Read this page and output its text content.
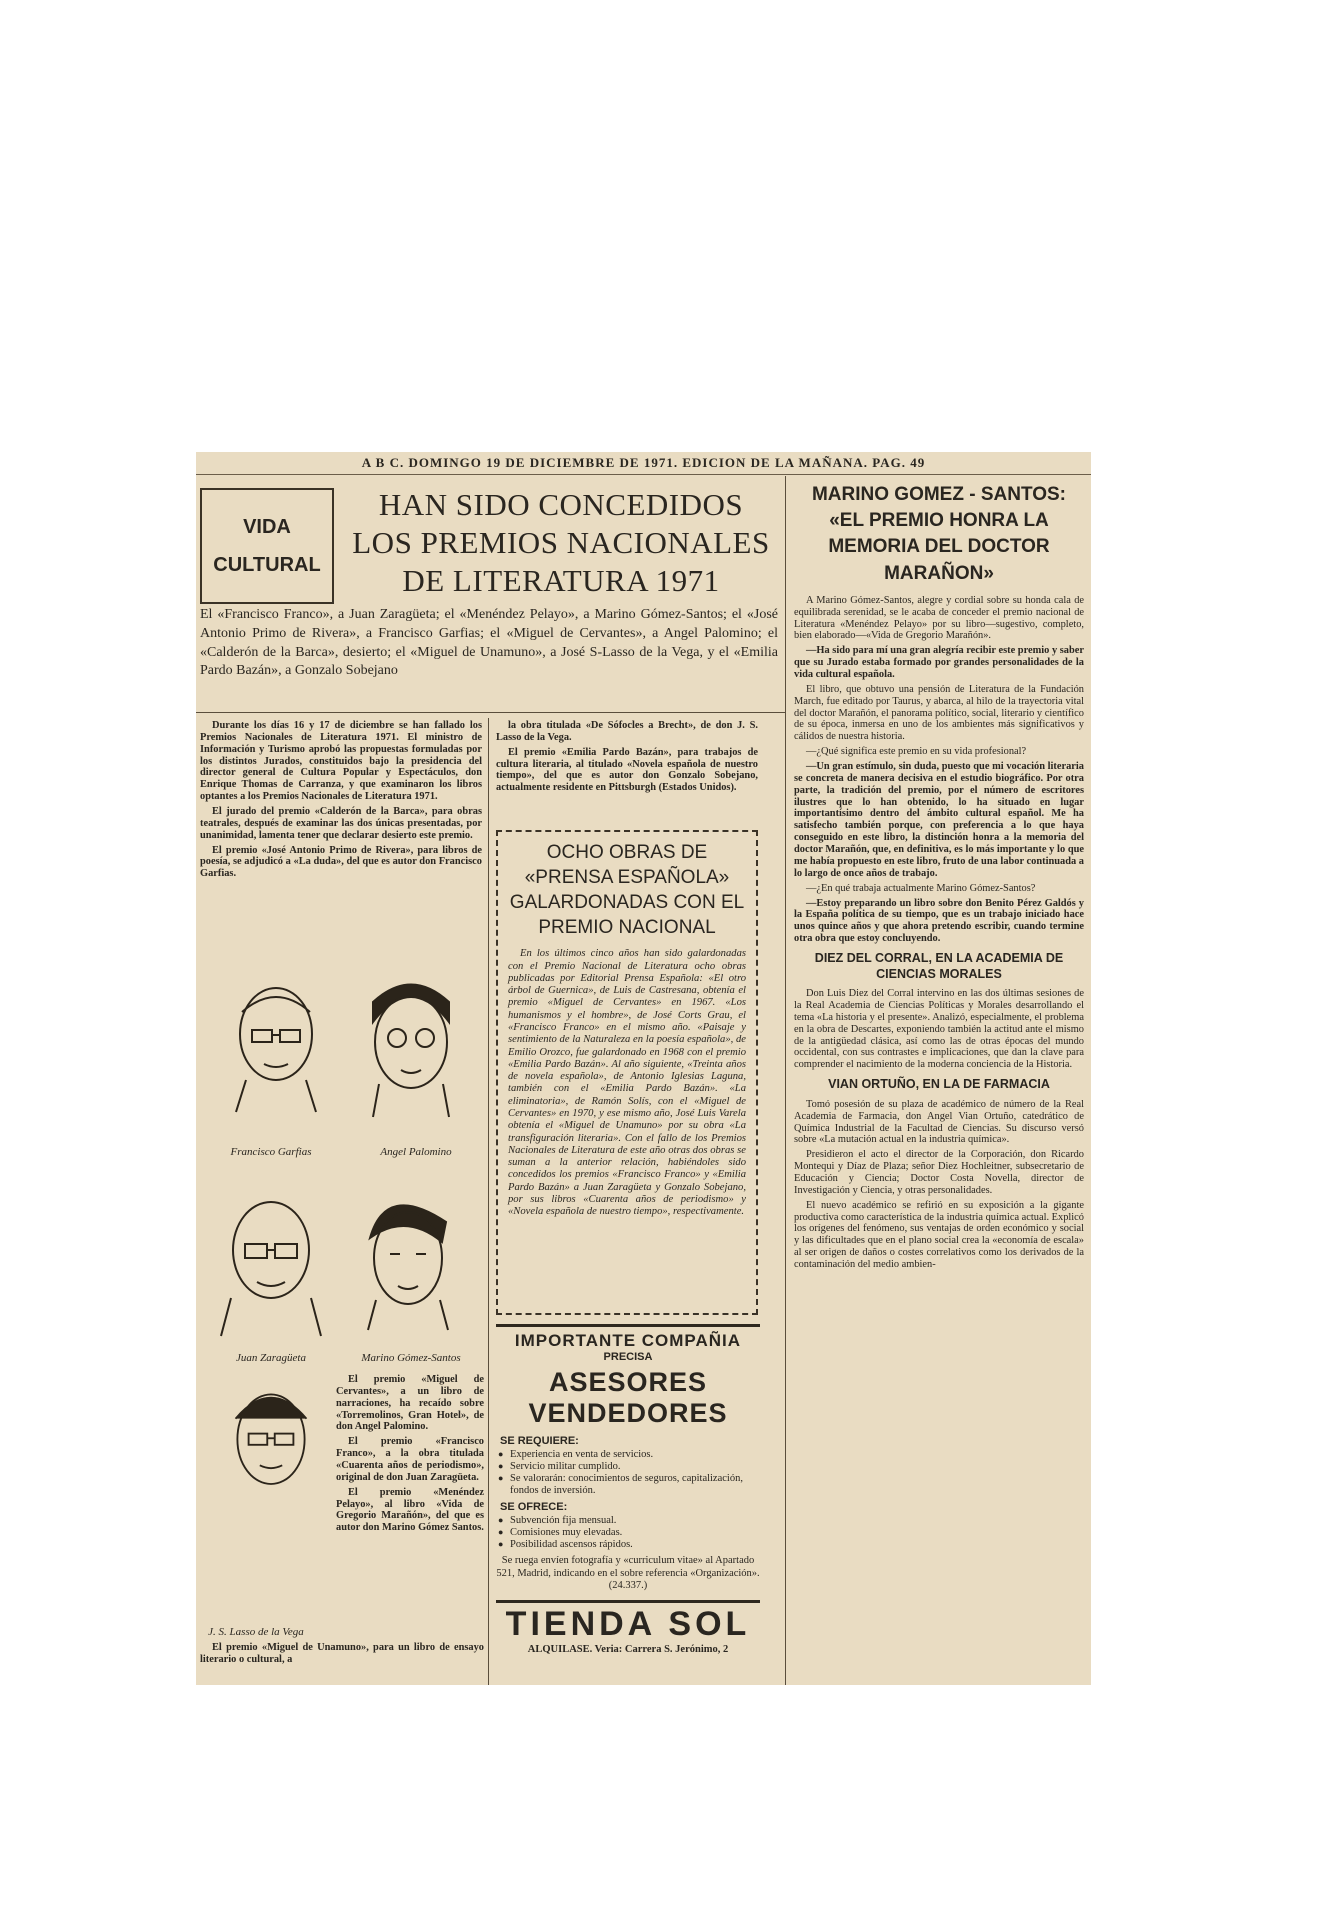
A B C. DOMINGO 19 DE DICIEMBRE DE 1971. EDICION DE LA MAÑANA. PAG. 49
VIDA
CULTURAL
HAN SIDO CONCEDIDOS LOS PREMIOS NACIONALES DE LITERATURA 1971
El «Francisco Franco», a Juan Zaragüeta; el «Menéndez Pelayo», a Marino Gómez-Santos; el «José Antonio Primo de Rivera», a Francisco Garfias; el «Miguel de Cervantes», a Angel Palomino; el «Calderón de la Barca», desierto; el «Miguel de Unamuno», a José S-Lasso de la Vega, y el «Emilia Pardo Bazán», a Gonzalo Sobejano

Durante los días 16 y 17 de diciembre se han fallado los Premios Nacionales de Literatura 1971. El ministro de Información y Turismo aprobó las propuestas formuladas por los distintos Jurados, constituidos bajo la presidencia del director general de Cultura Popular y Espectáculos, don Enrique Thomas de Carranza, y que examinaron los libros optantes a los Premios Nacionales de Literatura 1971.

El jurado del premio «Calderón de la Barca», para obras teatrales, después de examinar las dos únicas presentadas, por unanimidad, lamenta tener que declarar desierto este premio.

El premio «José Antonio Primo de Rivera», para libros de poesía, se adjudicó a «La duda», del que es autor don Francisco Garfias.

Francisco Garfias	Angel Palomino
Juan Zaragüeta	Marino Gómez-Santos
J. S. Lasso de la Vega

El premio «Miguel de Cervantes», a un libro de narraciones, ha recaído sobre «Torremolinos, Gran Hotel», de don Angel Palomino.

El premio «Francisco Franco», a la obra titulada «Cuarenta años de periodismo», original de don Juan Zaragüeta.

El premio «Menéndez Pelayo», al libro «Vida de Gregorio Marañón», del que es autor don Marino Gómez Santos.

El premio «Miguel de Unamuno», para un libro de ensayo literario o cultural, a

la obra titulada «De Sófocles a Brecht», de don J. S. Lasso de la Vega.

El premio «Emilia Pardo Bazán», para trabajos de cultura literaria, al titulado «Novela española de nuestro tiempo», del que es autor don Gonzalo Sobejano, actualmente residente en Pittsburgh (Estados Unidos).

OCHO OBRAS DE «PRENSA ESPAÑOLA» GALARDONADAS CON EL PREMIO NACIONAL

En los últimos cinco años han sido galardonadas con el Premio Nacional de Literatura ocho obras publicadas por Editorial Prensa Española: «El otro árbol de Guernica», de Luis de Castresana, obtenía el premio «Miguel de Cervantes» en 1967. «Los humanismos y el hombre», de José Corts Grau, el «Francisco Franco» en el mismo año. «Paisaje y sentimiento de la Naturaleza en la poesía española», de Emilio Orozco, fue galardonado en 1968 con el premio «Emilia Pardo Bazán». Al año siguiente, «Treinta años de novela española», de Antonio Iglesias Laguna, también con el «Emilia Pardo Bazán». «La eliminatoria», de Ramón Solís, con el «Miguel de Cervantes» en 1970, y ese mismo año, José Luis Varela obtenía el «Miguel de Unamuno» por su obra «La transfiguración literaria». Con el fallo de los Premios Nacionales de Literatura de este año otras dos obras se suman a la anterior relación, habiéndoles sido concedidos los premios «Francisco Franco» y «Emilia Pardo Bazán» a Juan Zaragüeta y Gonzalo Sobejano, por sus libros «Cuarenta años de periodismo» y «Novela española de nuestro tiempo», respectivamente.

IMPORTANTE COMPAÑIA
PRECISA
ASESORES VENDEDORES
SE REQUIERE:
● Experiencia en venta de servicios.
● Servicio militar cumplido.
● Se valorarán: conocimientos de seguros, capitalización, fondos de inversión.
SE OFRECE:
● Subvención fija mensual.
● Comisiones muy elevadas.
● Posibilidad ascensos rápidos.
Se ruega envíen fotografía y «curriculum vitae» al Apartado 521, Madrid, indicando en el sobre referencia «Organización». (24.337.)
TIENDA SOL
ALQUILASE. Veria: Carrera S. Jerónimo, 2
MARINO GOMEZ - SANTOS: «EL PREMIO HONRA LA MEMORIA DEL DOCTOR MARAÑON»

A Marino Gómez-Santos, alegre y cordial sobre su honda cala de equilibrada serenidad, se le acaba de conceder el premio nacional de Literatura «Menéndez Pelayo» por su libro—sugestivo, completo, bien elaborado—«Vida de Gregorio Marañón».

—Ha sido para mí una gran alegría recibir este premio y saber que su Jurado estaba formado por grandes personalidades de la vida cultural española.

El libro, que obtuvo una pensión de Literatura de la Fundación March, fue editado por Taurus, y abarca, al hilo de la trayectoria vital del doctor Marañón, el panorama político, social, literario y científico de su época, inmersa en uno de los ambientes más significativos y cálidos de nuestra historia.

—¿Qué significa este premio en su vida profesional?

—Un gran estímulo, sin duda, puesto que mi vocación literaria se concreta de manera decisiva en el estudio biográfico. Por otra parte, la tradición del premio, por el número de escritores ilustres que lo han obtenido, lo ha situado en lugar importantísimo dentro del ámbito cultural español. Me ha satisfecho también porque, con preferencia a lo que haya conseguido en este libro, la distinción honra a la memoria del doctor Marañón, que, en definitiva, es lo más importante y lo que me había propuesto en este libro, fruto de una labor continuada a lo largo de once años de trabajo.

—¿En qué trabaja actualmente Marino Gómez-Santos?

—Estoy preparando un libro sobre don Benito Pérez Galdós y la España política de su tiempo, que es un trabajo iniciado hace unos quince años y que ahora pretendo escribir, cuando termine otra obra que estoy concluyendo.

DIEZ DEL CORRAL, EN LA ACADEMIA DE CIENCIAS MORALES

Don Luis Diez del Corral intervino en las dos últimas sesiones de la Real Academia de Ciencias Políticas y Morales desarrollando el tema «La historia y el presente». Analizó, especialmente, el problema en la obra de Descartes, exponiendo también la actitud ante el mismo de la antigüedad clásica, así como las de otras épocas del mundo occidental, con sus contrastes e implicaciones, que dan la clave para comprender el nacimiento de la moderna conciencia de la Historia.

VIAN ORTUÑO, EN LA DE FARMACIA

Tomó posesión de su plaza de académico de número de la Real Academia de Farmacia, don Angel Vian Ortuño, catedrático de Química Industrial de la Facultad de Ciencias. Su discurso versó sobre «La mutación actual en la industria química».

Presidieron el acto el director de la Corporación, don Ricardo Montequi y Díaz de Plaza; señor Diez Hochleitner, subsecretario de Educación y Ciencia; Doctor Costa Novella, director de Investigación y Ciencia, y otras personalidades.

El nuevo académico se refirió en su exposición a la gigante productiva como característica de la industria química actual. Explicó los orígenes del fenómeno, sus ventajas de orden económico y social y las dificultades que en el plano social crea la «economía de escala» al ser origen de daños o costes correlativos como los derivados de la contaminación del medio ambien-
